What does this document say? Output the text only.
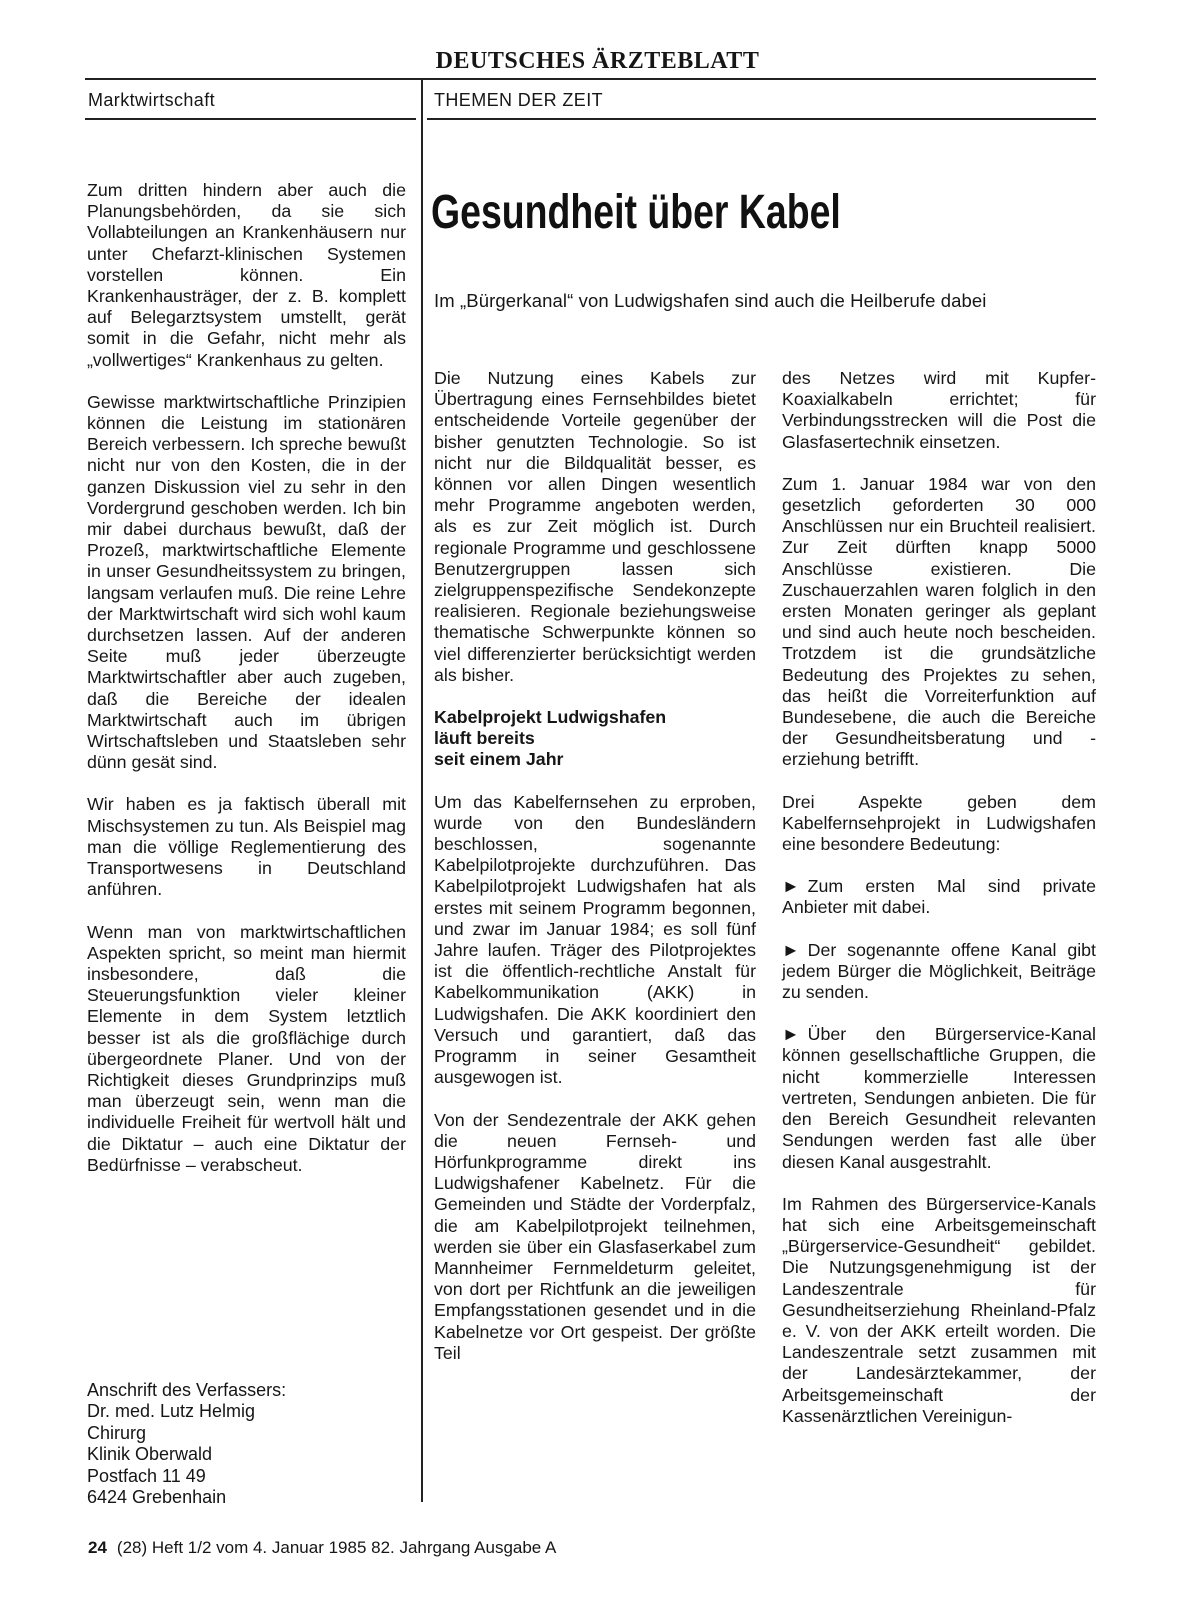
DEUTSCHES ÄRZTEBLATT
Marktwirtschaft	THEMEN DER ZEIT

Zum dritten hindern aber auch die Planungsbehörden, da sie sich Vollabteilungen an Krankenhäusern nur unter Chefarzt-klinischen Systemen vorstellen können. Ein Krankenhausträger, der z. B. komplett auf Belegarztsystem umstellt, gerät somit in die Gefahr, nicht mehr als „vollwertiges“ Krankenhaus zu gelten.

Gewisse marktwirtschaftliche Prinzipien können die Leistung im stationären Bereich verbessern. Ich spreche bewußt nicht nur von den Kosten, die in der ganzen Diskussion viel zu sehr in den Vordergrund geschoben werden. Ich bin mir dabei durchaus bewußt, daß der Prozeß, marktwirtschaftliche Elemente in unser Gesundheitssystem zu bringen, langsam verlaufen muß. Die reine Lehre der Marktwirtschaft wird sich wohl kaum durchsetzen lassen. Auf der anderen Seite muß jeder überzeugte Marktwirtschaftler aber auch zugeben, daß die Bereiche der idealen Marktwirtschaft auch im übrigen Wirtschaftsleben und Staatsleben sehr dünn gesät sind.

Wir haben es ja faktisch überall mit Mischsystemen zu tun. Als Beispiel mag man die völlige Reglementierung des Transportwesens in Deutschland anführen.

Wenn man von marktwirtschaftlichen Aspekten spricht, so meint man hiermit insbesondere, daß die Steuerungsfunktion vieler kleiner Elemente in dem System letztlich besser ist als die großflächige durch übergeordnete Planer. Und von der Richtigkeit dieses Grundprinzips muß man überzeugt sein, wenn man die individuelle Freiheit für wertvoll hält und die Diktatur – auch eine Diktatur der Bedürfnisse – verabscheut.

Anschrift des Verfassers:
Dr. med. Lutz Helmig
Chirurg
Klinik Oberwald
Postfach 11 49
6424 Grebenhain
Gesundheit über Kabel
Im „Bürgerkanal“ von Ludwigshafen sind auch die Heilberufe dabei

Die Nutzung eines Kabels zur Übertragung eines Fernsehbildes bietet entscheidende Vorteile gegenüber der bisher genutzten Technologie. So ist nicht nur die Bildqualität besser, es können vor allen Dingen wesentlich mehr Programme angeboten werden, als es zur Zeit möglich ist. Durch regionale Programme und geschlossene Benutzergruppen lassen sich zielgruppenspezifische Sendekonzepte realisieren. Regionale beziehungsweise thematische Schwerpunkte können so viel differenzierter berücksichtigt werden als bisher.

Kabelprojekt Ludwigshafen
läuft bereits
seit einem Jahr

Um das Kabelfernsehen zu erproben, wurde von den Bundesländern beschlossen, sogenannte Kabelpilotprojekte durchzuführen. Das Kabelpilotprojekt Ludwigshafen hat als erstes mit seinem Programm begonnen, und zwar im Januar 1984; es soll fünf Jahre laufen. Träger des Pilotprojektes ist die öffentlich-rechtliche Anstalt für Kabelkommunikation (AKK) in Ludwigshafen. Die AKK koordiniert den Versuch und garantiert, daß das Programm in seiner Gesamtheit ausgewogen ist.

Von der Sendezentrale der AKK gehen die neuen Fernseh- und Hörfunkprogramme direkt ins Ludwigshafener Kabelnetz. Für die Gemeinden und Städte der Vorderpfalz, die am Kabelpilotprojekt teilnehmen, werden sie über ein Glasfaserkabel zum Mannheimer Fernmeldeturm geleitet, von dort per Richtfunk an die jeweiligen Empfangsstationen gesendet und in die Kabelnetze vor Ort gespeist. Der größte Teil

des Netzes wird mit Kupfer-Koaxialkabeln errichtet; für Verbindungsstrecken will die Post die Glasfasertechnik einsetzen.

Zum 1. Januar 1984 war von den gesetzlich geforderten 30 000 Anschlüssen nur ein Bruchteil realisiert. Zur Zeit dürften knapp 5000 Anschlüsse existieren. Die Zuschauerzahlen waren folglich in den ersten Monaten geringer als geplant und sind auch heute noch bescheiden. Trotzdem ist die grundsätzliche Bedeutung des Projektes zu sehen, das heißt die Vorreiterfunktion auf Bundesebene, die auch die Bereiche der Gesundheitsberatung und -erziehung betrifft.

Drei Aspekte geben dem Kabelfernsehprojekt in Ludwigshafen eine besondere Bedeutung:

► Zum ersten Mal sind private Anbieter mit dabei.

► Der sogenannte offene Kanal gibt jedem Bürger die Möglichkeit, Beiträge zu senden.

► Über den Bürgerservice-Kanal können gesellschaftliche Gruppen, die nicht kommerzielle Interessen vertreten, Sendungen anbieten. Die für den Bereich Gesundheit relevanten Sendungen werden fast alle über diesen Kanal ausgestrahlt.

Im Rahmen des Bürgerservice-Kanals hat sich eine Arbeitsgemeinschaft „Bürgerservice-Gesundheit“ gebildet. Die Nutzungsgenehmigung ist der Landeszentrale für Gesundheitserziehung Rheinland-Pfalz e. V. von der AKK erteilt worden. Die Landeszentrale setzt zusammen mit der Landesärztekammer, der Arbeitsgemeinschaft der Kassenärztlichen Vereinigun-

24 (28) Heft 1/2 vom 4. Januar 1985 82. Jahrgang Ausgabe A
